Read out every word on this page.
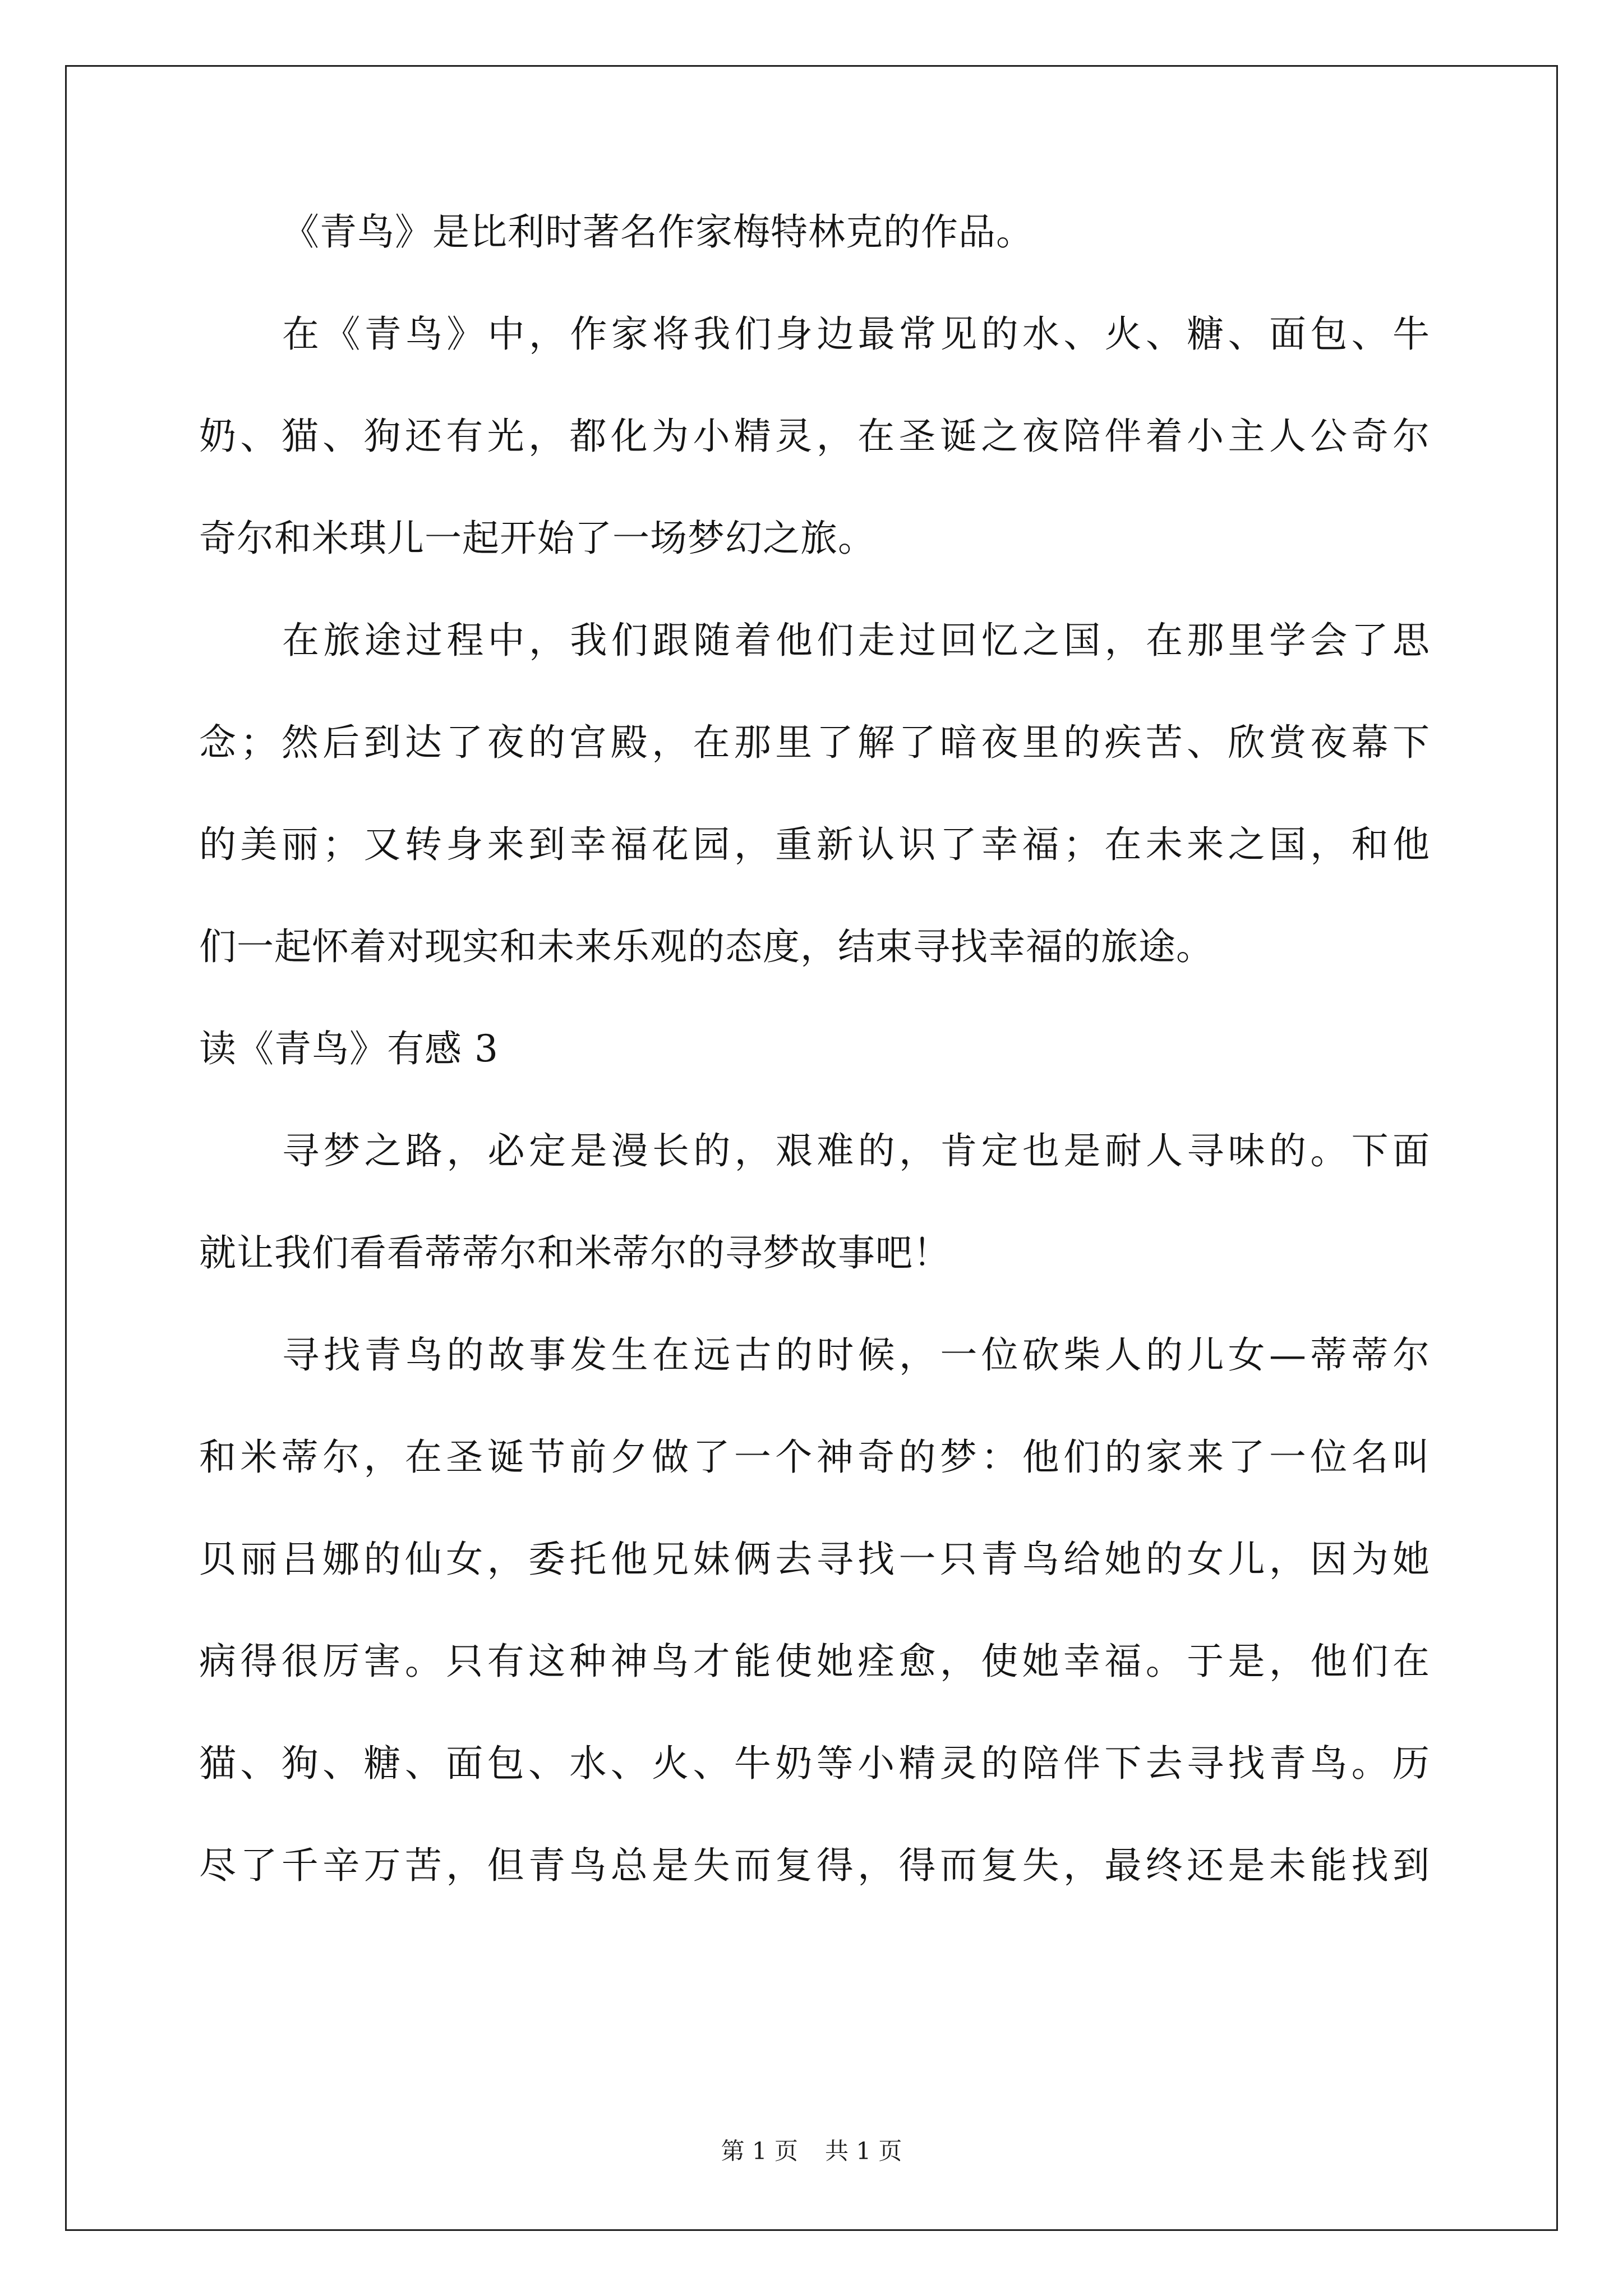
《青鸟》是比利时著名作家梅特林克的作品。
在《青鸟》中，作家将我们身边最常见的水、火、糖、面包、牛
奶、猫、狗还有光，都化为小精灵，在圣诞之夜陪伴着小主人公奇尔
奇尔和米琪儿一起开始了一场梦幻之旅。
在旅途过程中，我们跟随着他们走过回忆之国，在那里学会了思
念；然后到达了夜的宫殿，在那里了解了暗夜里的疾苦、欣赏夜幕下
的美丽；又转身来到幸福花园，重新认识了幸福；在未来之国，和他
们一起怀着对现实和未来乐观的态度，结束寻找幸福的旅途。
读《青鸟》有感 3
寻梦之路，必定是漫长的，艰难的，肯定也是耐人寻味的。下面
就让我们看看蒂蒂尔和米蒂尔的寻梦故事吧！
寻找青鸟的故事发生在远古的时候，一位砍柴人的儿女—蒂蒂尔
和米蒂尔，在圣诞节前夕做了一个神奇的梦：他们的家来了一位名叫
贝丽吕娜的仙女，委托他兄妹俩去寻找一只青鸟给她的女儿，因为她
病得很厉害。只有这种神鸟才能使她痊愈，使她幸福。于是，他们在
猫、狗、糖、面包、水、火、牛奶等小精灵的陪伴下去寻找青鸟。历
尽了千辛万苦，但青鸟总是失而复得，得而复失，最终还是未能找到
第 1 页 共 1 页
